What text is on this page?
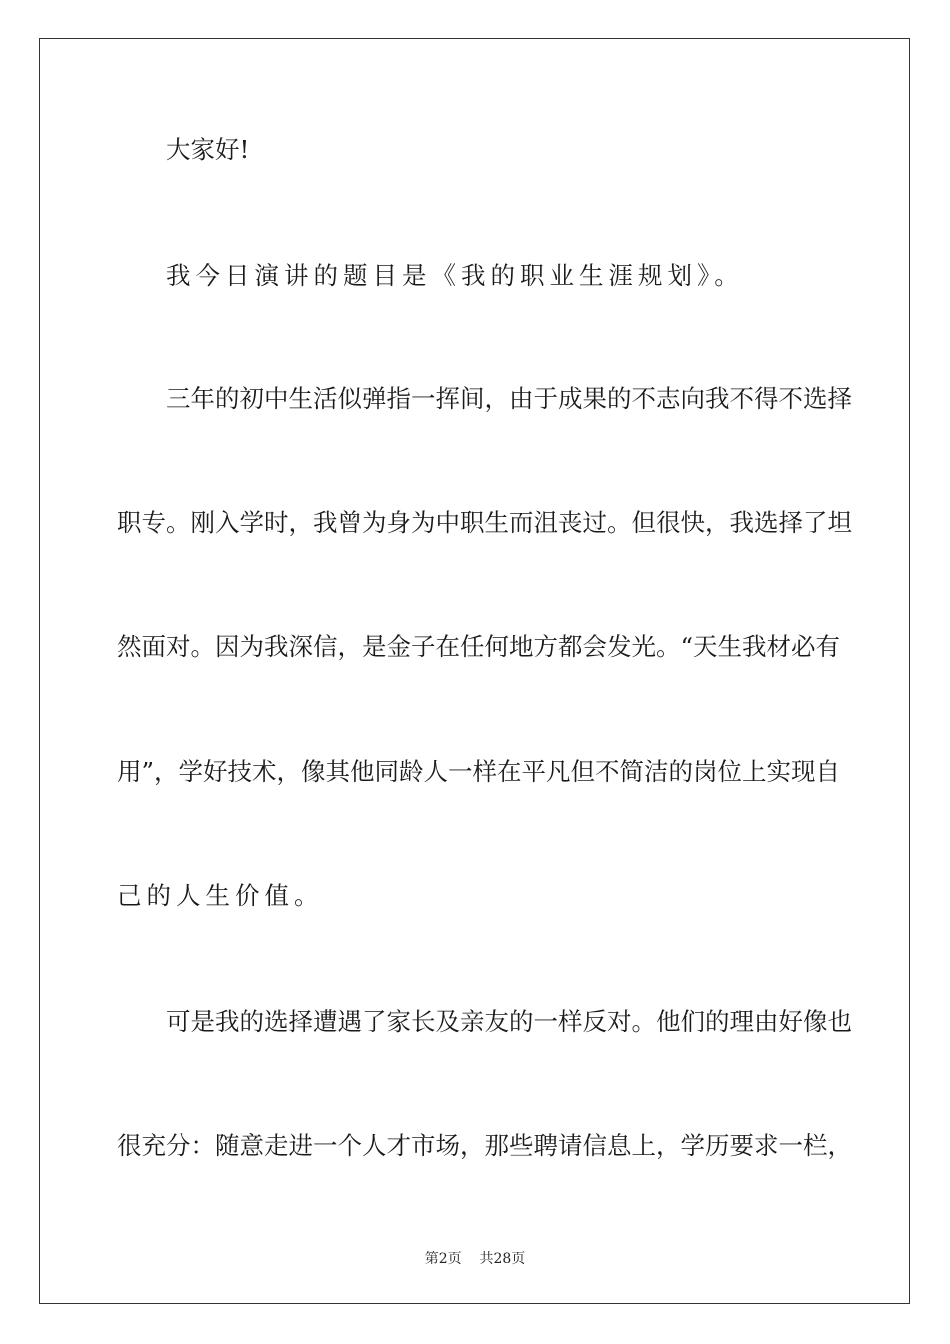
大家好!
我今日演讲的题目是《我的职业生涯规划》。
三年的初中生活似弹指一挥间，由于成果的不志向我不得不选择
职专。刚入学时，我曾为身为中职生而沮丧过。但很快，我选择了坦
然面对。因为我深信，是金子在任何地方都会发光。“天生我材必有
用”，学好技术，像其他同龄人一样在平凡但不简洁的岗位上实现自
己的人生价值。
可是我的选择遭遇了家长及亲友的一样反对。他们的理由好像也
很充分：随意走进一个人才市场，那些聘请信息上，学历要求一栏，
第2页 共28页
